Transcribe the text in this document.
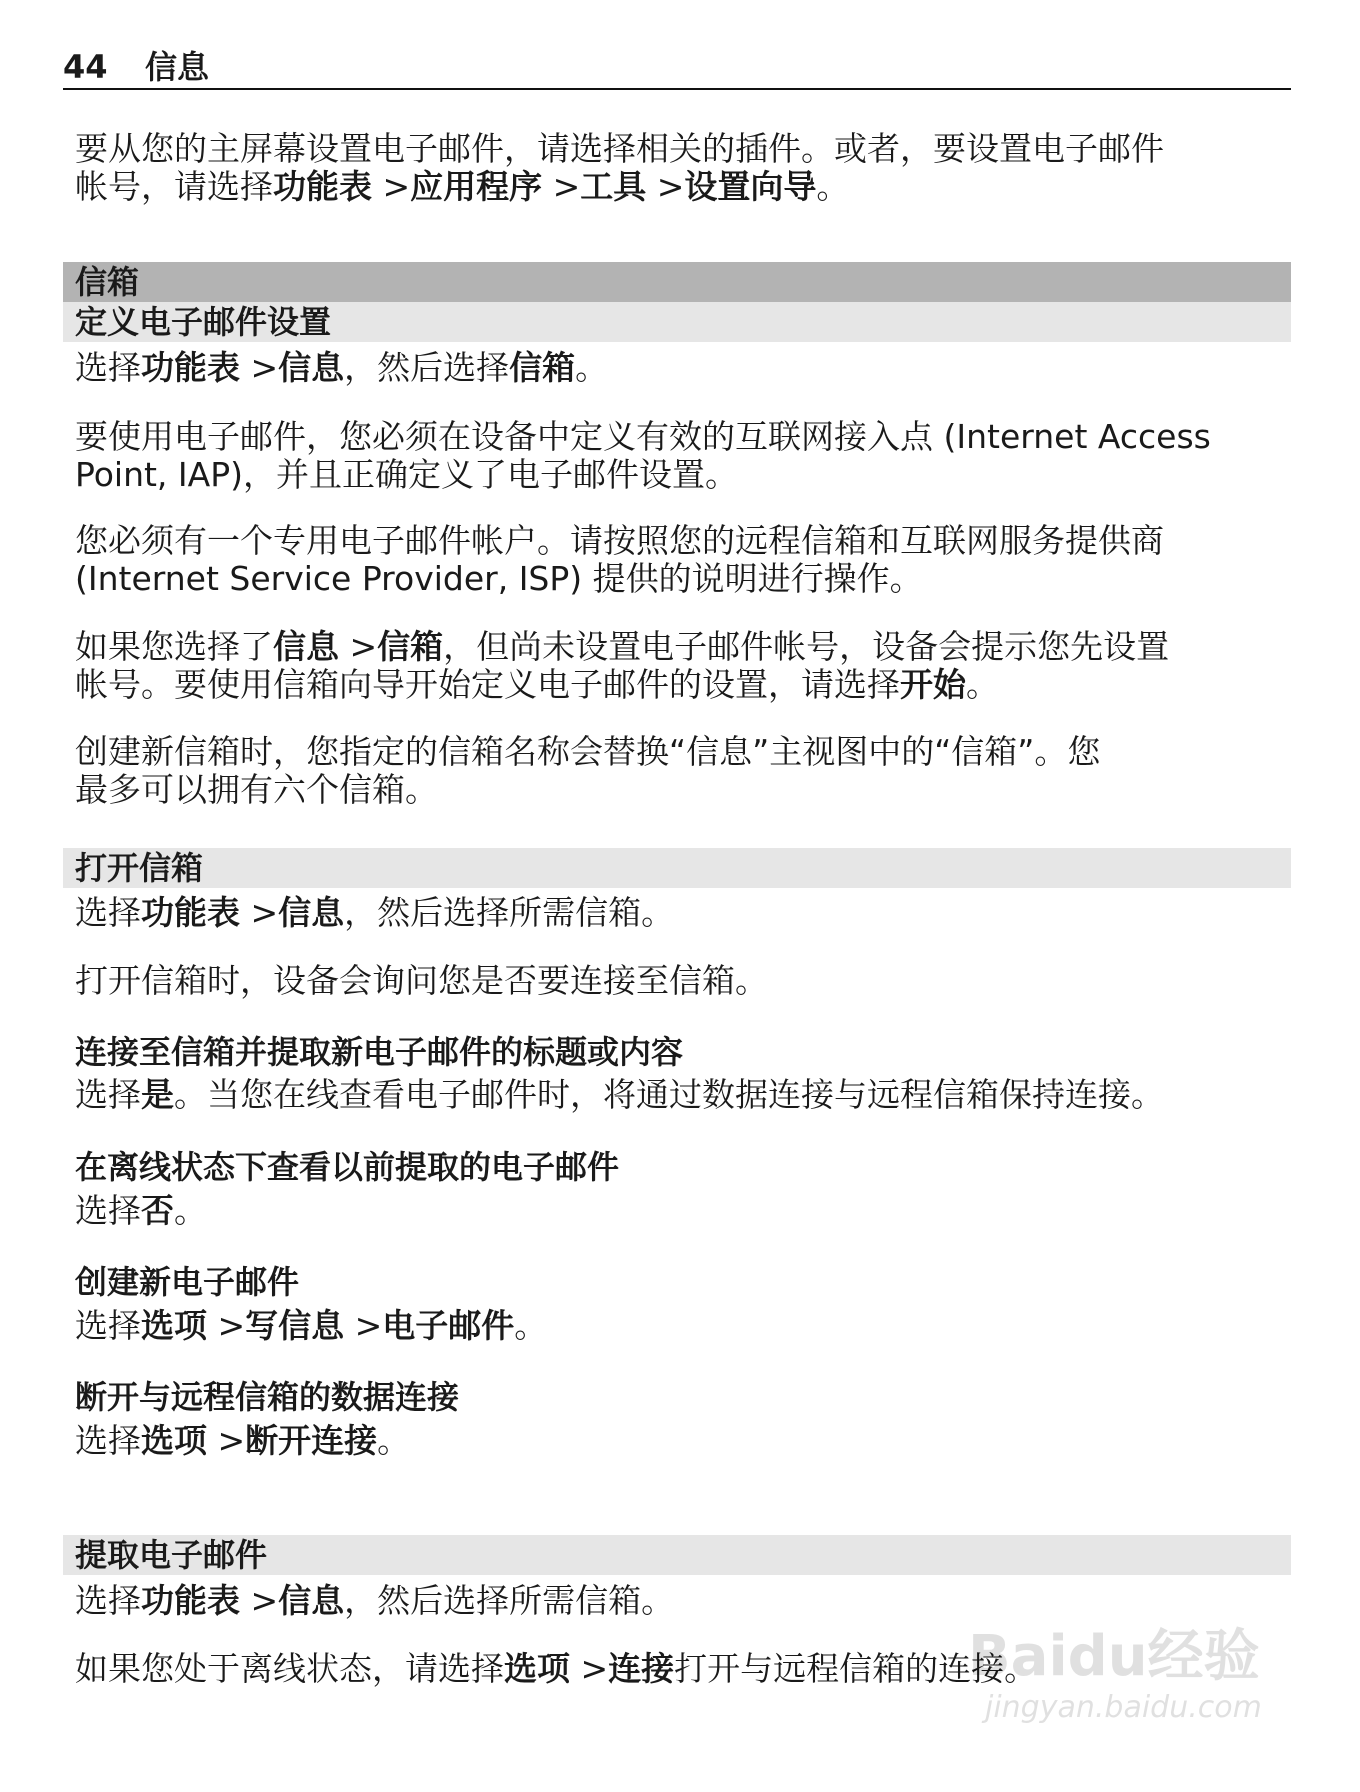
44 信息
要从您的主屏幕设置电子邮件，请选择相关的插件。或者，要设置电子邮件
帐号，请选择功能表 >应用程序 >工具 >设置向导。
信箱
定义电子邮件设置
选择功能表 >信息，然后选择信箱。
要使用电子邮件，您必须在设备中定义有效的互联网接入点 (Internet Access
Point, IAP)，并且正确定义了电子邮件设置。
您必须有一个专用电子邮件帐户。请按照您的远程信箱和互联网服务提供商
(Internet Service Provider, ISP) 提供的说明进行操作。
如果您选择了信息 >信箱，但尚未设置电子邮件帐号，设备会提示您先设置
帐号。要使用信箱向导开始定义电子邮件的设置，请选择开始。
创建新信箱时，您指定的信箱名称会替换“信息”主视图中的“信箱”。您
最多可以拥有六个信箱。
打开信箱
选择功能表 >信息，然后选择所需信箱。
打开信箱时，设备会询问您是否要连接至信箱。
连接至信箱并提取新电子邮件的标题或内容
选择是。当您在线查看电子邮件时，将通过数据连接与远程信箱保持连接。
在离线状态下查看以前提取的电子邮件
选择否。
创建新电子邮件
选择选项 >写信息 >电子邮件。
断开与远程信箱的数据连接
选择选项 >断开连接。
提取电子邮件
选择功能表 >信息，然后选择所需信箱。
如果您处于离线状态，请选择选项 >连接打开与远程信箱的连接。
Baidu经验
jingyan.baidu.com
